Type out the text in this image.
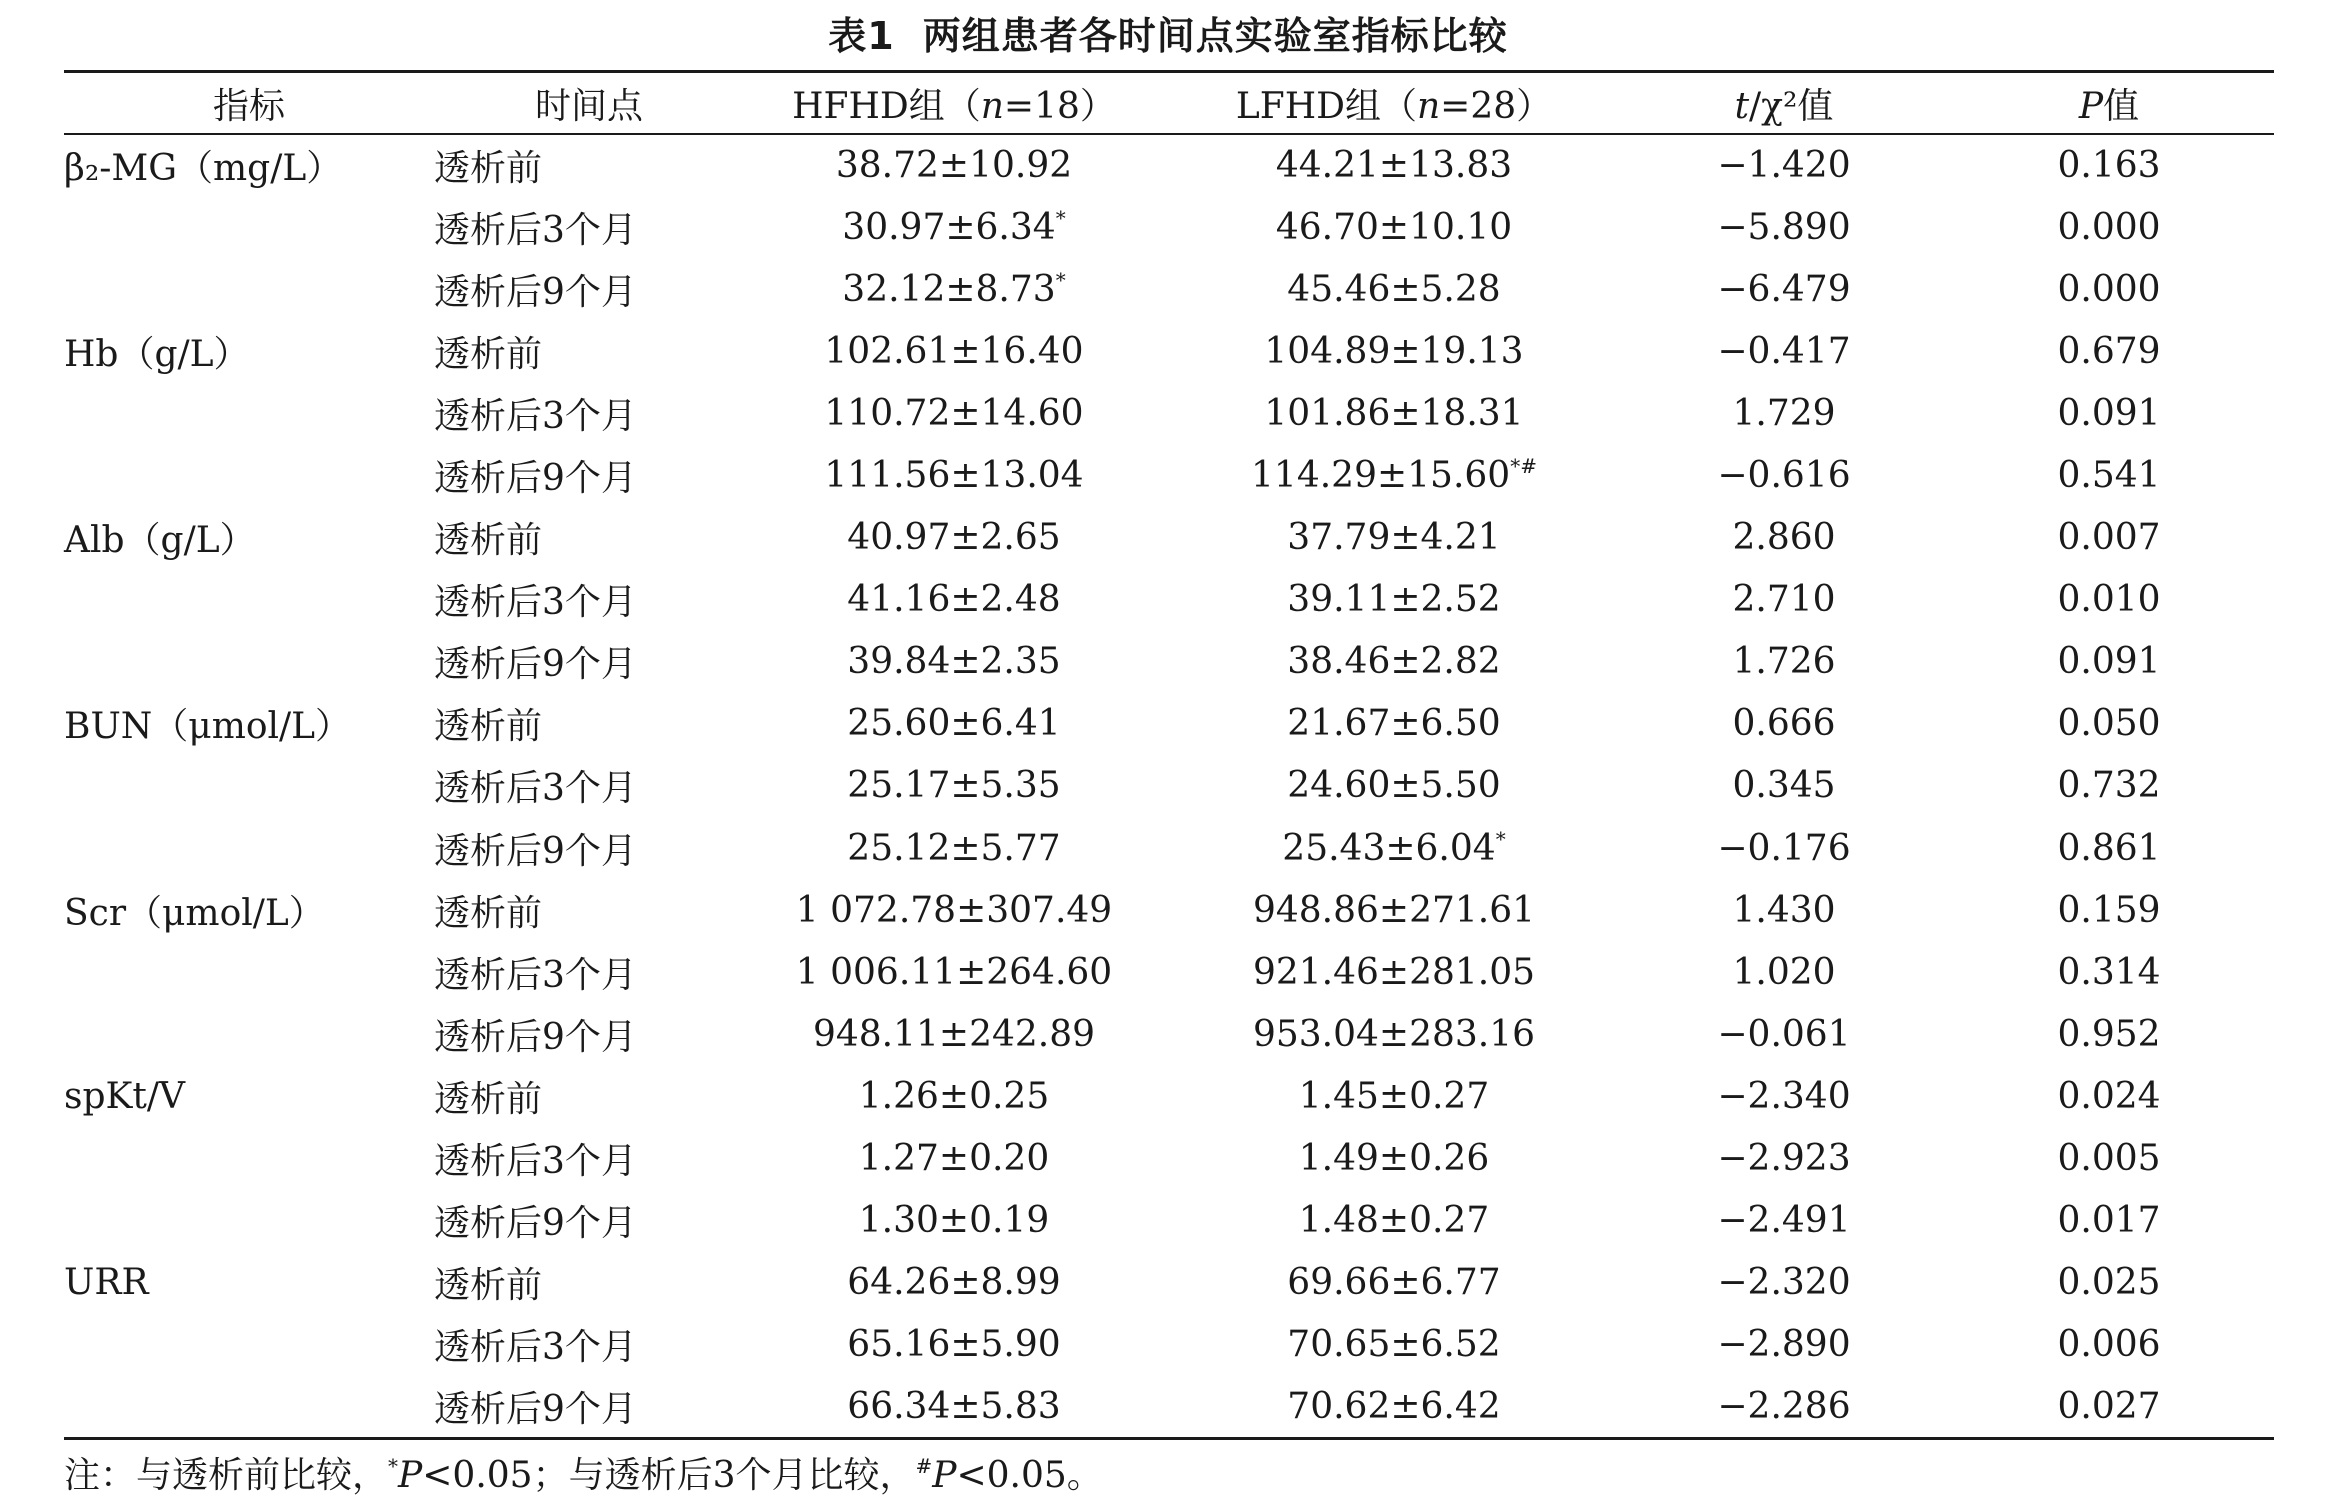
表1 两组患者各时间点实验室指标比较
指标	时间点	HFHD组（n=18）	LFHD组（n=28）	t/χ²值	P值
β₂-MG（mg/L）	透析前	38.72±10.92	44.21±13.83	−1.420	0.163
	透析后3个月	30.97±6.34*	46.70±10.10	−5.890	0.000
	透析后9个月	32.12±8.73*	45.46±5.28	−6.479	0.000
Hb（g/L）	透析前	102.61±16.40	104.89±19.13	−0.417	0.679
	透析后3个月	110.72±14.60	101.86±18.31	1.729	0.091
	透析后9个月	111.56±13.04	114.29±15.60*#	−0.616	0.541
Alb（g/L）	透析前	40.97±2.65	37.79±4.21	2.860	0.007
	透析后3个月	41.16±2.48	39.11±2.52	2.710	0.010
	透析后9个月	39.84±2.35	38.46±2.82	1.726	0.091
BUN（μmol/L）	透析前	25.60±6.41	21.67±6.50	0.666	0.050
	透析后3个月	25.17±5.35	24.60±5.50	0.345	0.732
	透析后9个月	25.12±5.77	25.43±6.04*	−0.176	0.861
Scr（μmol/L）	透析前	1 072.78±307.49	948.86±271.61	1.430	0.159
	透析后3个月	1 006.11±264.60	921.46±281.05	1.020	0.314
	透析后9个月	948.11±242.89	953.04±283.16	−0.061	0.952
spKt/V	透析前	1.26±0.25	1.45±0.27	−2.340	0.024
	透析后3个月	1.27±0.20	1.49±0.26	−2.923	0.005
	透析后9个月	1.30±0.19	1.48±0.27	−2.491	0.017
URR	透析前	64.26±8.99	69.66±6.77	−2.320	0.025
	透析后3个月	65.16±5.90	70.65±6.52	−2.890	0.006
	透析后9个月	66.34±5.83	70.62±6.42	−2.286	0.027
注：与透析前比较，*P<0.05；与透析后3个月比较，#P<0.05。
